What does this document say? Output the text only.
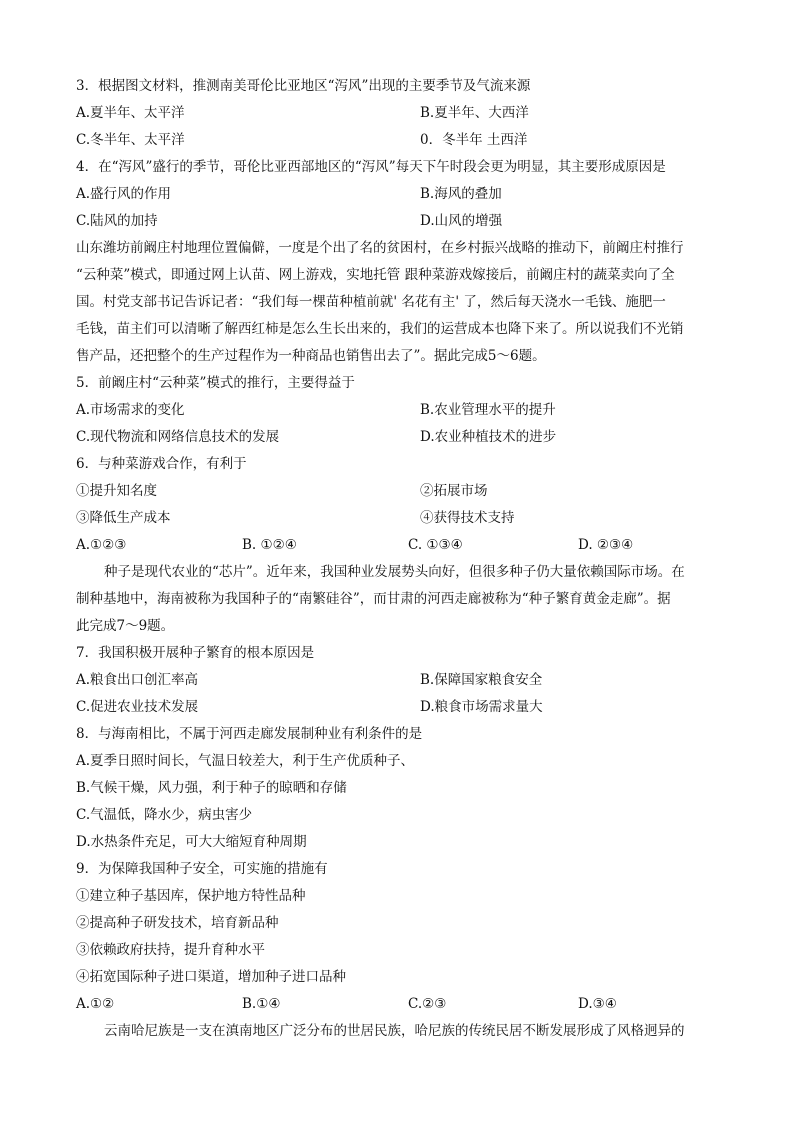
3．根据图文材料，推测南美哥伦比亚地区“泻风”出现的主要季节及气流来源
A.夏半年、太平洋	B.夏半年、大西洋
C.冬半年、太平洋	0．冬半年 土西洋
4．在“泻风”盛行的季节，哥伦比亚西部地区的“泻风”每天下午时段会更为明显，其主要形成原因是
A.盛行风的作用	B.海风的叠加
C.陆风的加持	D.山风的增强
山东潍坊前阚庄村地理位置偏僻，一度是个出了名的贫困村，在乡村振兴战略的推动下，前阚庄村推行
“云种菜”模式，即通过网上认苗、网上游戏，实地托管 跟种菜游戏嫁接后，前阚庄村的蔬菜卖向了全
国。村党支部书记告诉记者：“我们每一棵苗种植前就' 名花有主' 了，然后每天浇水一毛钱、施肥一
毛钱，苗主们可以清晰了解西红柿是怎么生长出来的，我们的运营成本也降下来了。所以说我们不光销
售产品，还把整个的生产过程作为一种商品也销售出去了”。据此完成5～6题。
5．前阚庄村“云种菜”模式的推行，主要得益于
A.市场需求的变化	B.农业管理水平的提升
C.现代物流和网络信息技术的发展	D.农业种植技术的进步
6．与种菜游戏合作，有利于
①提升知名度	②拓展市场
③降低生产成本	④获得技术支持
A.①②③	B. ①②④	C. ①③④	D. ②③④
种子是现代农业的“芯片”。近年来，我国种业发展势头向好，但很多种子仍大量依赖国际市场。在
制种基地中，海南被称为我国种子的“南繁硅谷”，而甘肃的河西走廊被称为“种子繁育黄金走廊”。据
此完成7～9题。
7．我国积极开展种子繁育的根本原因是
A.粮食出口创汇率高	B.保障国家粮食安全
C.促进农业技术发展	D.粮食市场需求量大
8．与海南相比，不属于河西走廊发展制种业有利条件的是
A.夏季日照时间长，气温日较差大，利于生产优质种子、
B.气候干燥，风力强，利于种子的晾晒和存储
C.气温低，降水少，病虫害少
D.水热条件充足，可大大缩短育种周期
9．为保障我国种子安全，可实施的措施有
①建立种子基因库，保护地方特性品种
②提高种子研发技术，培育新品种
③依赖政府扶持，提升育种水平
④拓宽国际种子进口渠道，增加种子进口品种
A.①②	B.①④	C.②③	D.③④
云南哈尼族是一支在滇南地区广泛分布的世居民族，哈尼族的传统民居不断发展形成了风格迥异的
